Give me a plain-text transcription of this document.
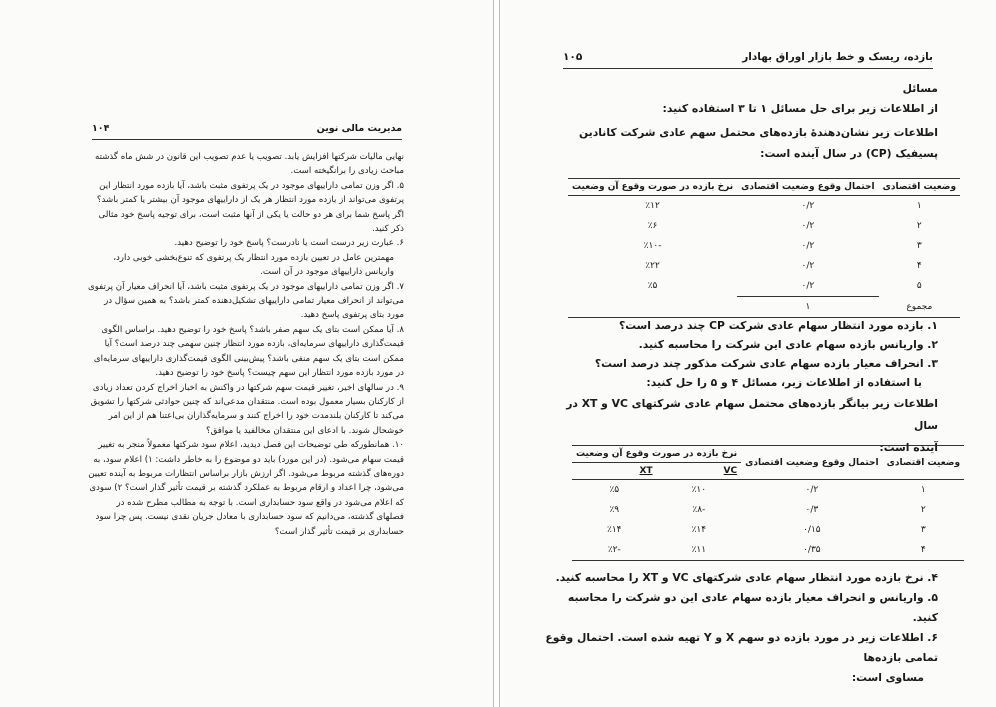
۱۰۴	مدیریت مالی نوین

نهایی مالیات شرکتها افزایش یابد. تصویب یا عدم تصویب این قانون در شش ماه گذشته مباحث زیادی را برانگیخته است.

۵. اگر وزن تمامی داراییهای موجود در یک پرتفوی مثبت باشد، آیا بازده مورد انتظار این پرتفوی می‌تواند از بازده مورد انتظار هر یک از داراییهای موجود آن بیشتر یا کمتر باشد؟ اگر پاسخ شما برای هر دو حالت یا یکی از آنها مثبت است، برای توجیه پاسخ خود مثالی ذکر کنید.

۶. عبارت زیر درست است یا نادرست؟ پاسخ خود را توضیح دهید.

مهمترین عامل در تعیین بازده مورد انتظار یک پرتفوی که تنوع‌بخشی خوبی دارد، واریانس داراییهای موجود در آن است.

۷. اگر وزن تمامی داراییهای موجود در یک پرتفوی مثبت باشد، آیا انحراف معیار آن پرتفوی می‌تواند از انحراف معیار تمامی داراییهای تشکیل‌دهنده کمتر باشد؟ به همین سؤال در مورد بتای پرتفوی پاسخ دهید.

۸. آیا ممکن است بتای یک سهم صفر باشد؟ پاسخ خود را توضیح دهید. براساس الگوی قیمت‌گذاری داراییهای سرمایه‌ای، بازده مورد انتظار چنین سهمی چند درصد است؟ آیا ممکن است بتای یک سهم منفی باشد؟ پیش‌بینی الگوی قیمت‌گذاری داراییهای سرمایه‌ای در مورد بازده مورد انتظار این سهم چیست؟ پاسخ خود را توضیح دهید.

۹. در سالهای اخیر، تغییر قیمت سهم شرکتها در واکنش به اخبار اخراج کردن تعداد زیادی از کارکنان بسیار معمول بوده است. منتقدان مدعی‌اند که چنین حوادثی شرکتها را تشویق می‌کند تا کارکنان بلندمدت خود را اخراج کنند و سرمایه‌گذاران بی‌اعتنا هم از این امر خوشحال شوند. با ادعای این منتقدان مخالفید یا موافق؟

۱۰. همانطورکه طی توضیحات این فصل دیدید، اعلام سود شرکتها معمولاً منجر به تغییر قیمت سهام می‌شود. (در این مورد) باید دو موضوع را به خاطر داشت: ۱) اعلام سود، به دوره‌های گذشته مربوط می‌شود. اگر ارزش بازار براساس انتظارات مربوط به آینده تعیین می‌شود، چرا اعداد و ارقام مربوط به عملکرد گذشته بر قیمت تأثیر گذار است؟ ۲) سودی که اعلام می‌شود در واقع سود حسابداری است. با توجه به مطالب مطرح شده در فصلهای گذشته، می‌دانیم که سود حسابداری با معادل جریان نقدی نیست. پس چرا سود حسابداری بر قیمت تأثیر گذار است؟

۱۰۵	بازده، ریسک و خط بازار اوراق بهادار
مسائل
از اطلاعات زیر برای حل مسائل ۱ تا ۳ استفاده کنید:
اطلاعات زیر نشان‌دهندهٔ بازده‌های محتمل سهم عادی شرکت کانادین پسیفیک (CP) در سال آینده است:
وضعیت اقتصادی	احتمال وقوع وضعیت اقتصادی	نرخ بازده در صورت وقوع آن وضعیت
۱	۰/۲	٪۱۲
۲	۰/۲	٪۶
۳	۰/۲	-٪۱۰
۴	۰/۲	٪۲۲
۵	۰/۲	٪۵
مجموع	۱	
۱. بازده مورد انتظار سهام عادی شرکت CP چند درصد است؟
۲. واریانس بازده سهام عادی این شرکت را محاسبه کنید.
۳. انحراف معیار بازده سهام عادی شرکت مذکور چند درصد است؟
با استفاده از اطلاعات زیر، مسائل ۴ و ۵ را حل کنید:
اطلاعات زیر بیانگر بازده‌های محتمل سهام عادی شرکتهای VC و XT در سال
آینده است:
وضعیت اقتصادی	احتمال وقوع وضعیت اقتصادی	نرخ بازده در صورت وقوع آن وضعیت	
		VC	XT
۱	۰/۲	٪۱۰	٪۵
۲	۰/۳	-٪۸	٪۹
۳	۰/۱۵	٪۱۴	٪۱۴
۴	۰/۳۵	٪۱۱	-٪۲
۴. نرخ بازده مورد انتظار سهام عادی شرکتهای VC و XT را محاسبه کنید.
۵. واریانس و انحراف معیار بازده سهام عادی این دو شرکت را محاسبه کنید.
۶. اطلاعات زیر در مورد بازده دو سهم X و Y تهیه شده است. احتمال وقوع تمامی بازده‌ها
مساوی است:
